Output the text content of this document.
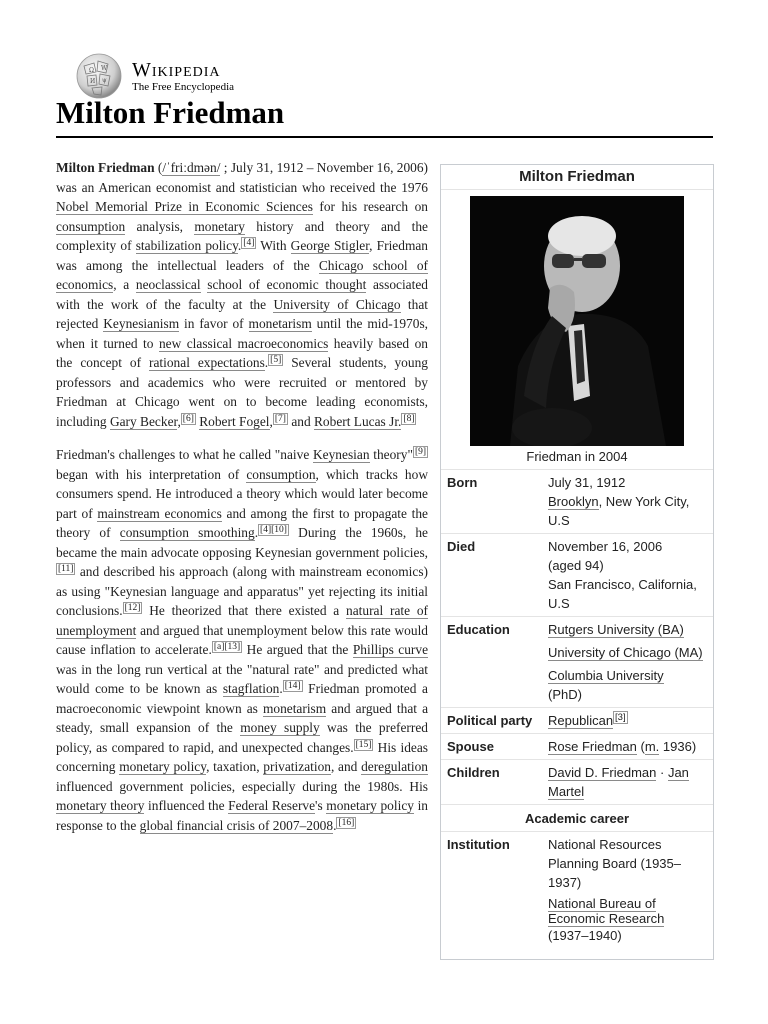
Ω W
И ψ Wikipedia
The Free Encyclopedia
Milton Friedman

Milton Friedman (/ˈfriːdmən/ ; July 31, 1912 – November 16, 2006) was an American economist and statistician who received the 1976 Nobel Memorial Prize in Economic Sciences for his research on consumption analysis, monetary history and theory and the complexity of stabilization policy. [4] With George Stigler, Friedman was among the intellectual leaders of the Chicago school of economics, a neoclassical school of economic thought associated with the work of the faculty at the University of Chicago that rejected Keynesianism in favor of monetarism until the mid-1970s, when it turned to new classical macroeconomics heavily based on the concept of rational expectations. [5] Several students, young professors and academics who were recruited or mentored by Friedman at Chicago went on to become leading economists, including Gary Becker, [6] Robert Fogel, [7] and Robert Lucas Jr. [8]

Friedman's challenges to what he called "naive Keynesian theory" [9] began with his interpretation of consumption, which tracks how consumers spend. He introduced a theory which would later become part of mainstream economics and among the first to propagate the theory of consumption smoothing. [4][10] During the 1960s, he became the main advocate opposing Keynesian government policies,[11] and described his approach (along with mainstream economics) as using "Keynesian language and apparatus" yet rejecting its initial conclusions. [12] He theorized that there existed a natural rate of unemployment and argued that unemployment below this rate would cause inflation to accelerate. [a][13] He argued that the Phillips curve was in the long run vertical at the "natural rate" and predicted what would come to be known as stagflation. [14] Friedman promoted a macroeconomic viewpoint known as monetarism and argued that a steady, small expansion of the money supply was the preferred policy, as compared to rapid, and unexpected changes. [15] His ideas concerning monetary policy, taxation, privatization, and deregulation influenced government policies, especially during the 1980s. His monetary theory influenced the Federal Reserve's monetary policy in response to the global financial crisis of 2007–2008. [16]

Milton Friedman
Friedman in 2004
Born	July 31, 1912
Brooklyn, New York City, U.S
Died	November 16, 2006
(aged 94)
San Francisco, California, U.S
Education	Rutgers University (BA)
University of Chicago (MA)
Columbia University
(PhD)
Political party	Republican [3]
Spouse	Rose Friedman (m. 1936)
Children	David D. Friedman · Jan Martel
Academic career
Institution	National Resources Planning Board (1935–1937)
National Bureau of Economic Research
(1937–1940)
